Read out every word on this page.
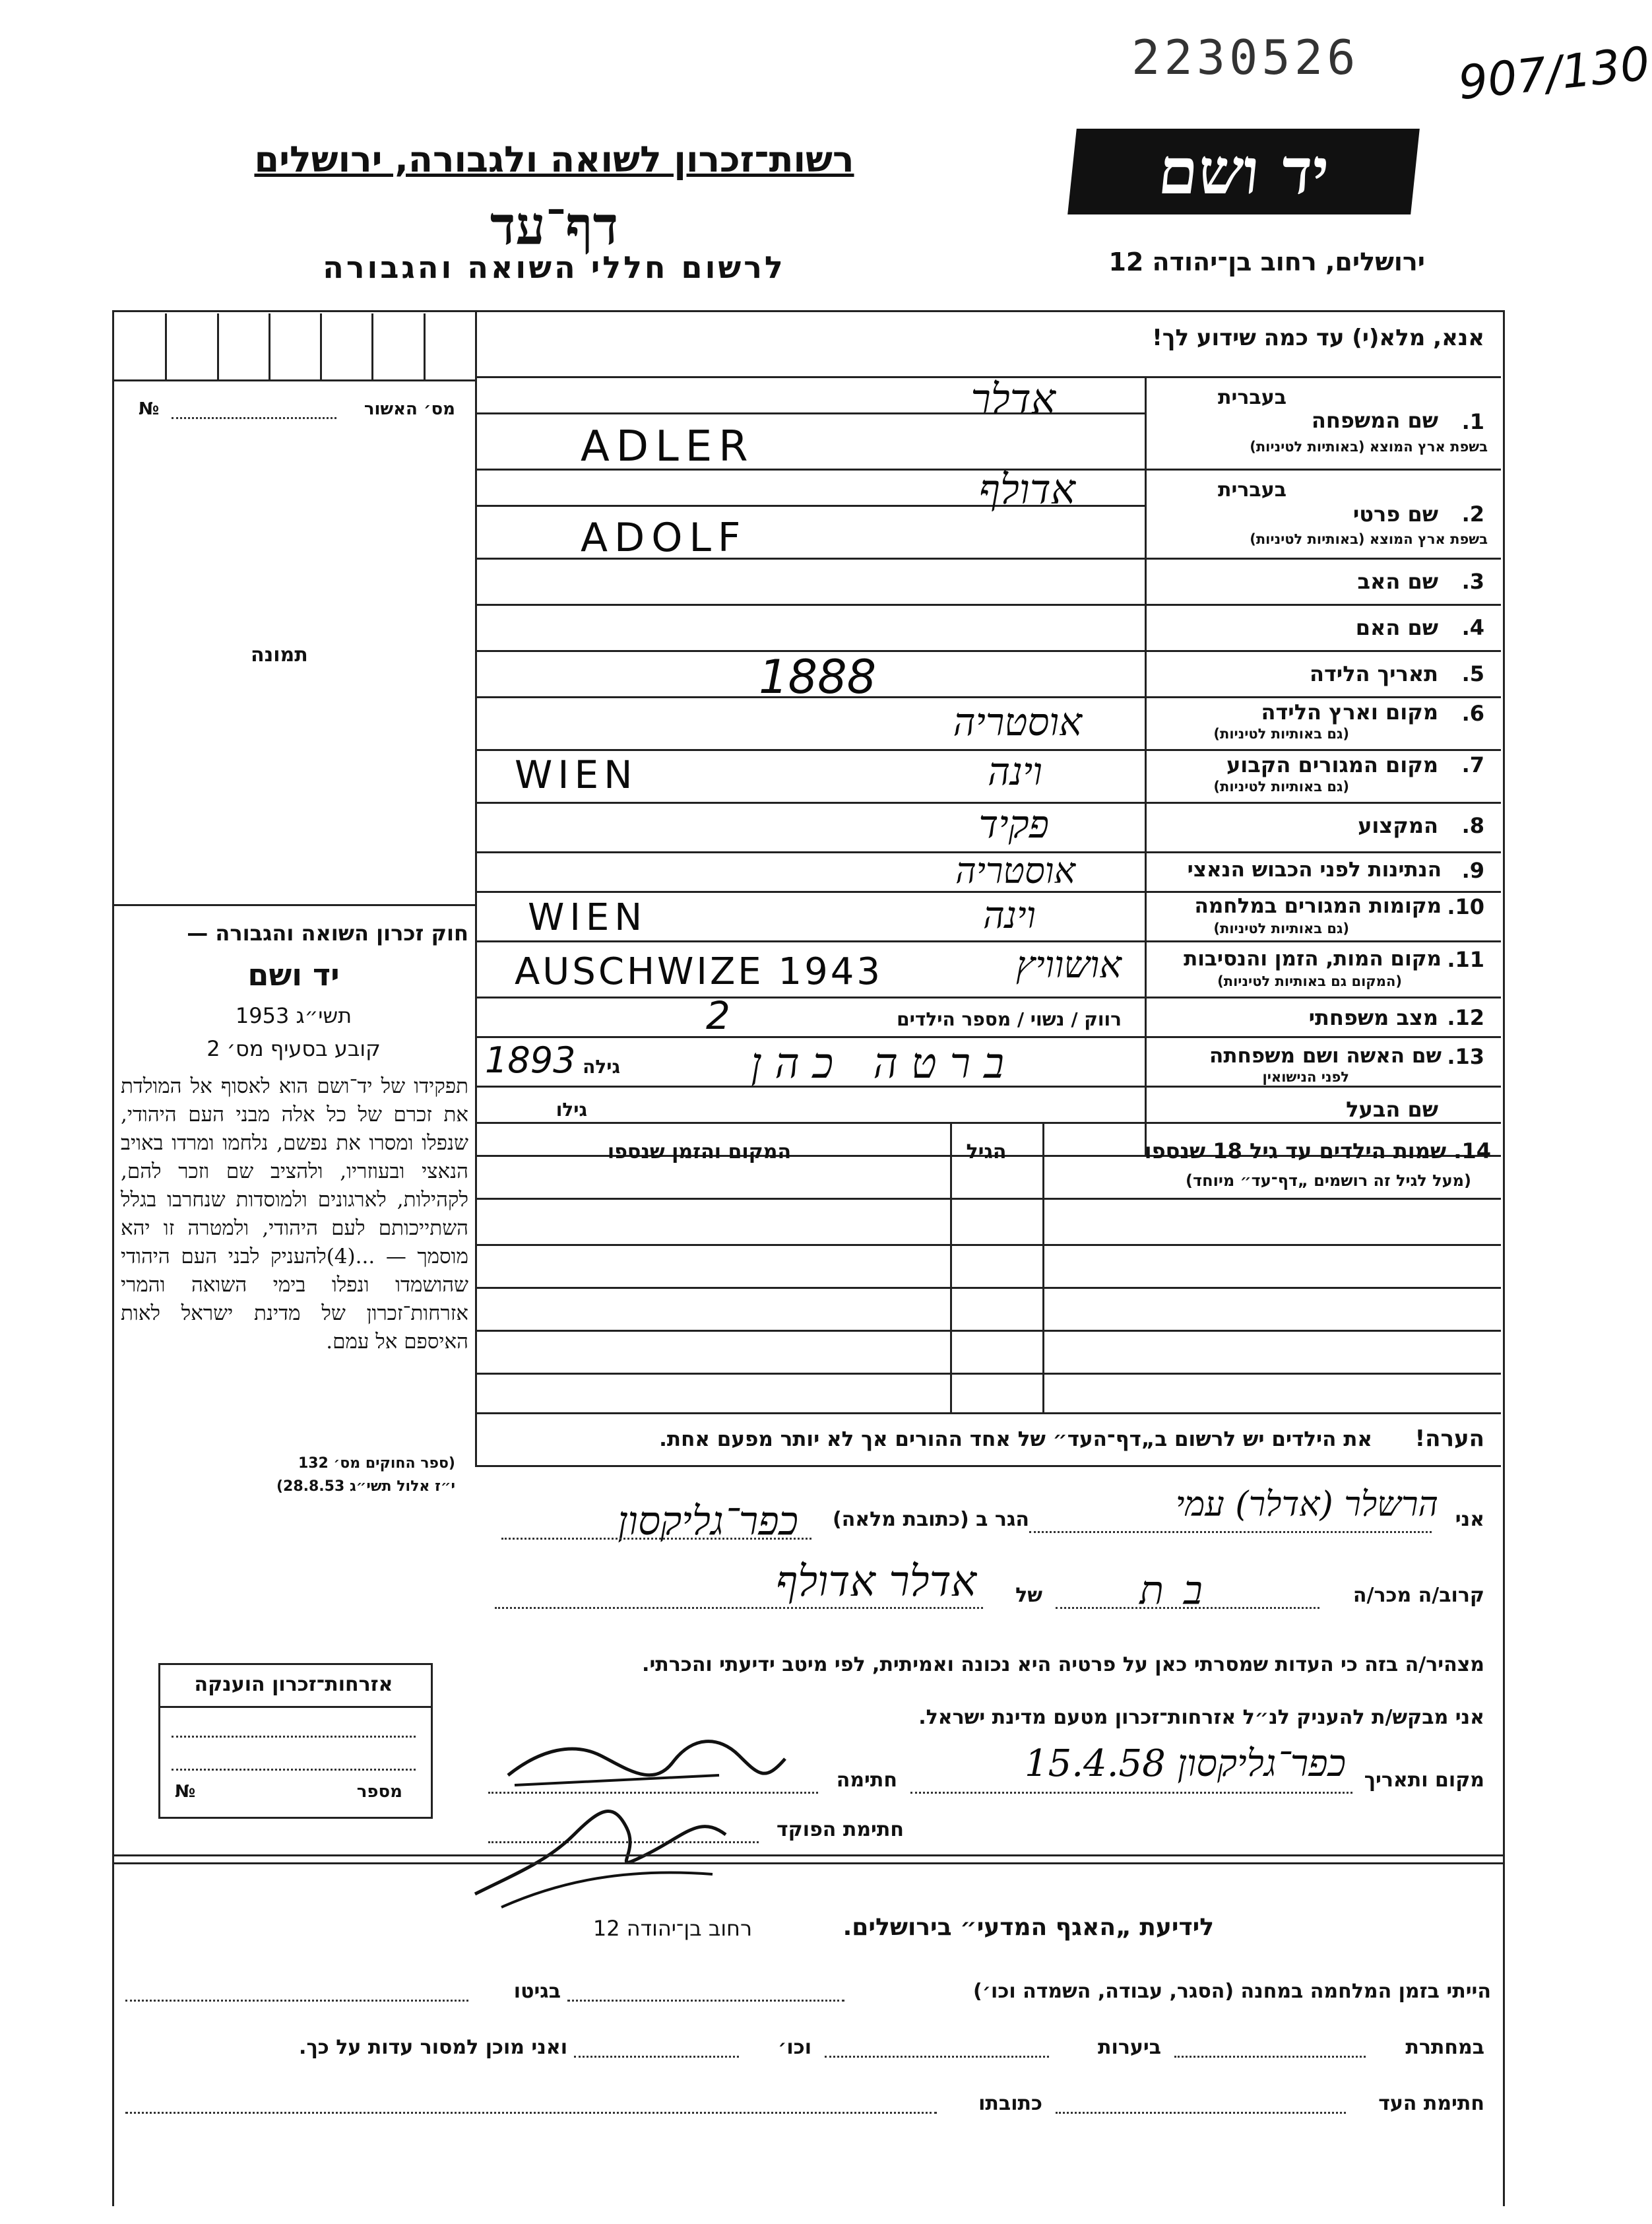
2230526 907/130
רשות־זכרון לשואה ולגבורה, ירושלים
דף־עד
לרשום חללי השואה והגבורה
יד ושם
ירושלים, רחוב בן־יהודה 12
אנא, מלא(י) עד כמה שידוע לך!
מס׳ האשור
№
תמונה
חוק זכרון השואה והגבורה —
יד ושם
תשי״ג 1953
קובע בסעיף מס׳ 2
תפקידו של יד־ושם הוא לאסוף אל המולדת את זכרם של כל אלה מבני העם היהודי, שנפלו ומסרו את נפשם, נלחמו ומרדו באויב הנאצי ובעוזריו, ולהציב שם וזכר להם, לקהילות, לארגונים ולמוסדות שנחרבו בגלל השתייכותם לעם היהודי, ולמטרה זו יהא מוסמך — ...(4)להעניק לבני העם היהודי שהושמדו ונפלו בימי השואה והמרי אזרחות־זכרון של מדינת ישראל לאות האיספם אל עמם.
(ספר החוקים מס׳ 132
י״ז אלול תשי״ג 28.8.53)
בעברית
1.
שם המשפחה
בשפת ארץ המוצא (באותיות לטיניות)
אדלר
ADLER
בעברית
2.
שם פרטי
בשפת ארץ המוצא (באותיות לטיניות)
אדולף
ADOLF
3.
שם האב
4.
שם האם
5.
תאריך הלידה
1888
6.
מקום וארץ הלידה
(גם באותיות לטיניות)
אוסטריה
7.
מקום המגורים הקבוע
(גם באותיות לטיניות)
וינה
WIEN
8.
המקצוע
פקיד
9.
הנתינות לפני הכבוש הנאצי
אוסטריה
10.
מקומות המגורים במלחמה
(גם באותיות לטיניות)
וינה
WIEN
11.
מקום המות, הזמן והנסיבות
(המקום גם באותיות לטיניות)
אושוויץ
AUSCHWIZE 1943
12.
מצב משפחתי
רווק / נשוי / מספר הילדים
2
13.
שם האשה ושם משפחתה
לפני הנישואין
ברטה כהן
גילה
1893
שם הבעל
גילו
14. שמות הילדים עד גיל 18 שנספו
(מעל לגיל זה רושמים „דף־עד״ מיוחד)
הגיל
המקום והזמן שנספו
הערה!
את הילדים יש לרשום ב„דף־העד״ של אחד ההורים אך לא יותר מפעם אחת.
אני
הרשלר (אדלר) עמי
הגר ב (כתובת מלאה)
כפר־גליקסון
קרוב/ה מכר/ה
בת
של
אדלר אדולף
מצהיר/ה בזה כי העדות שמסרתי כאן על פרטיה היא נכונה ואמיתית, לפי מיטב ידיעתי והכרתי.
אני מבקש/ת להעניק לנ״ל אזרחות־זכרון מטעם מדינת ישראל.
מקום ותאריך
כפר־גליקסון 15.4.58
חתימה
חתימת הפוקד
אזרחות־זכרון הוענקה
מספר
№
לידיעת „האגף המדעי״ בירושלים.
רחוב בן־יהודה 12
הייתי בזמן המלחמה במחנה (הסגר, עבודה, השמדה וכו׳)
בגיטו
במחתרת
ביערות
וכו׳
ואני מוכן למסור עדות על כך.
חתימת העד
כתובתו
